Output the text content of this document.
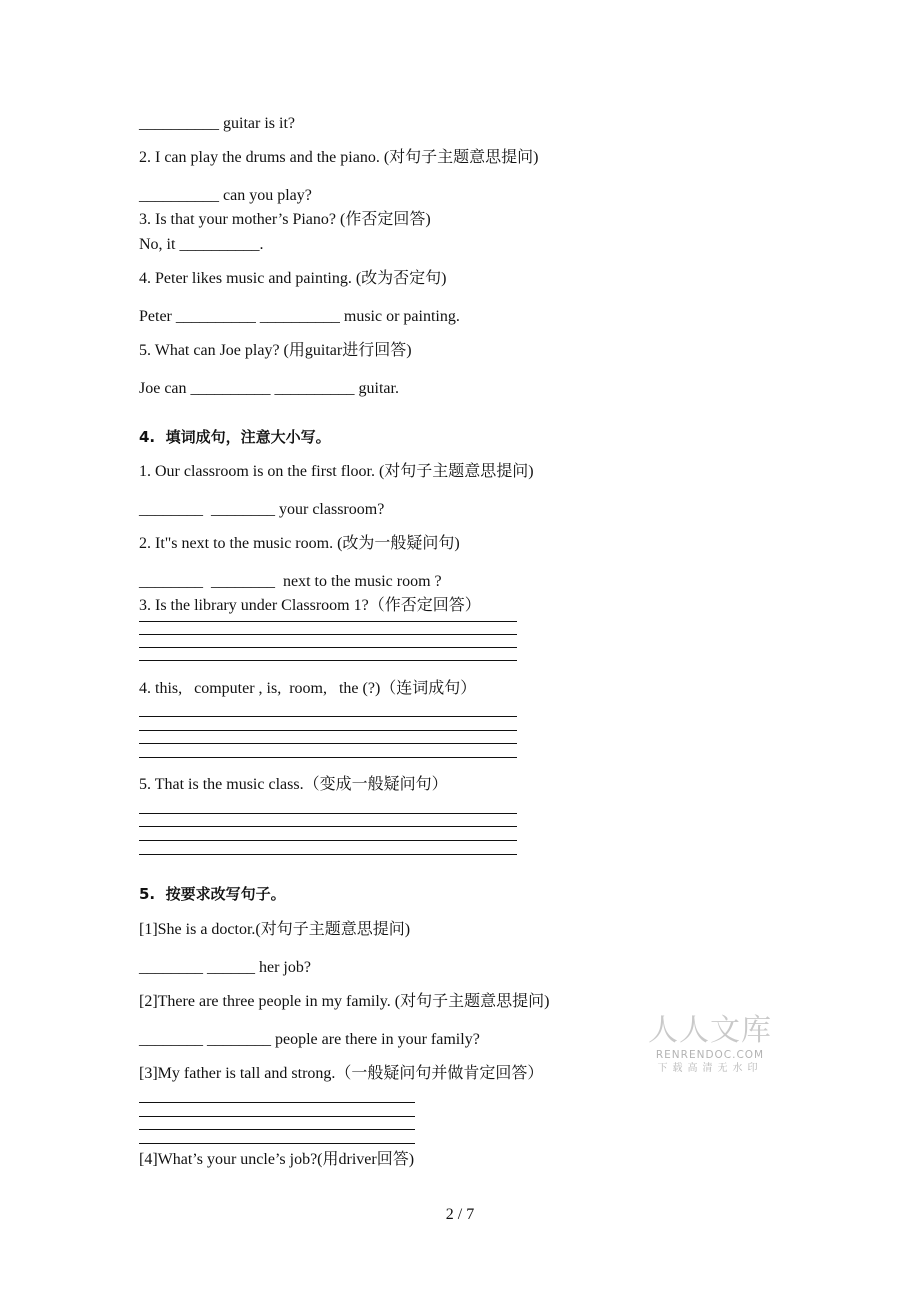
__________ guitar is it?
2. I can play the drums and the piano. (对句子主题意思提问)
__________ can you play?
3. Is that your mother’s Piano? (作否定回答)
No, it __________.
4. Peter likes music and painting. (改为否定句)
Peter __________ __________ music or painting.
5. What can Joe play? (用guitar进行回答)
Joe can __________ __________ guitar.
4.  填词成句，注意大小写。
1. Our classroom is on the first floor. (对句子主题意思提问)
________  ________ your classroom?
2. It"s next to the music room. (改为一般疑问句)
________  ________  next to the music room ?
3. Is the library under Classroom 1?（作否定回答）
4. this,   computer , is,  room,   the (?)（连词成句）
5. That is the music class.（变成一般疑问句）
5.  按要求改写句子。
[1]She is a doctor.(对句子主题意思提问)
________ ______ her job?
[2]There are three people in my family. (对句子主题意思提问)
________ ________ people are there in your family?
[3]My father is tall and strong.（一般疑问句并做肯定回答）
[4]What’s your uncle’s job?(用driver回答)
人人文库
RENRENDOC.COM
下载高清无水印
2 / 7
